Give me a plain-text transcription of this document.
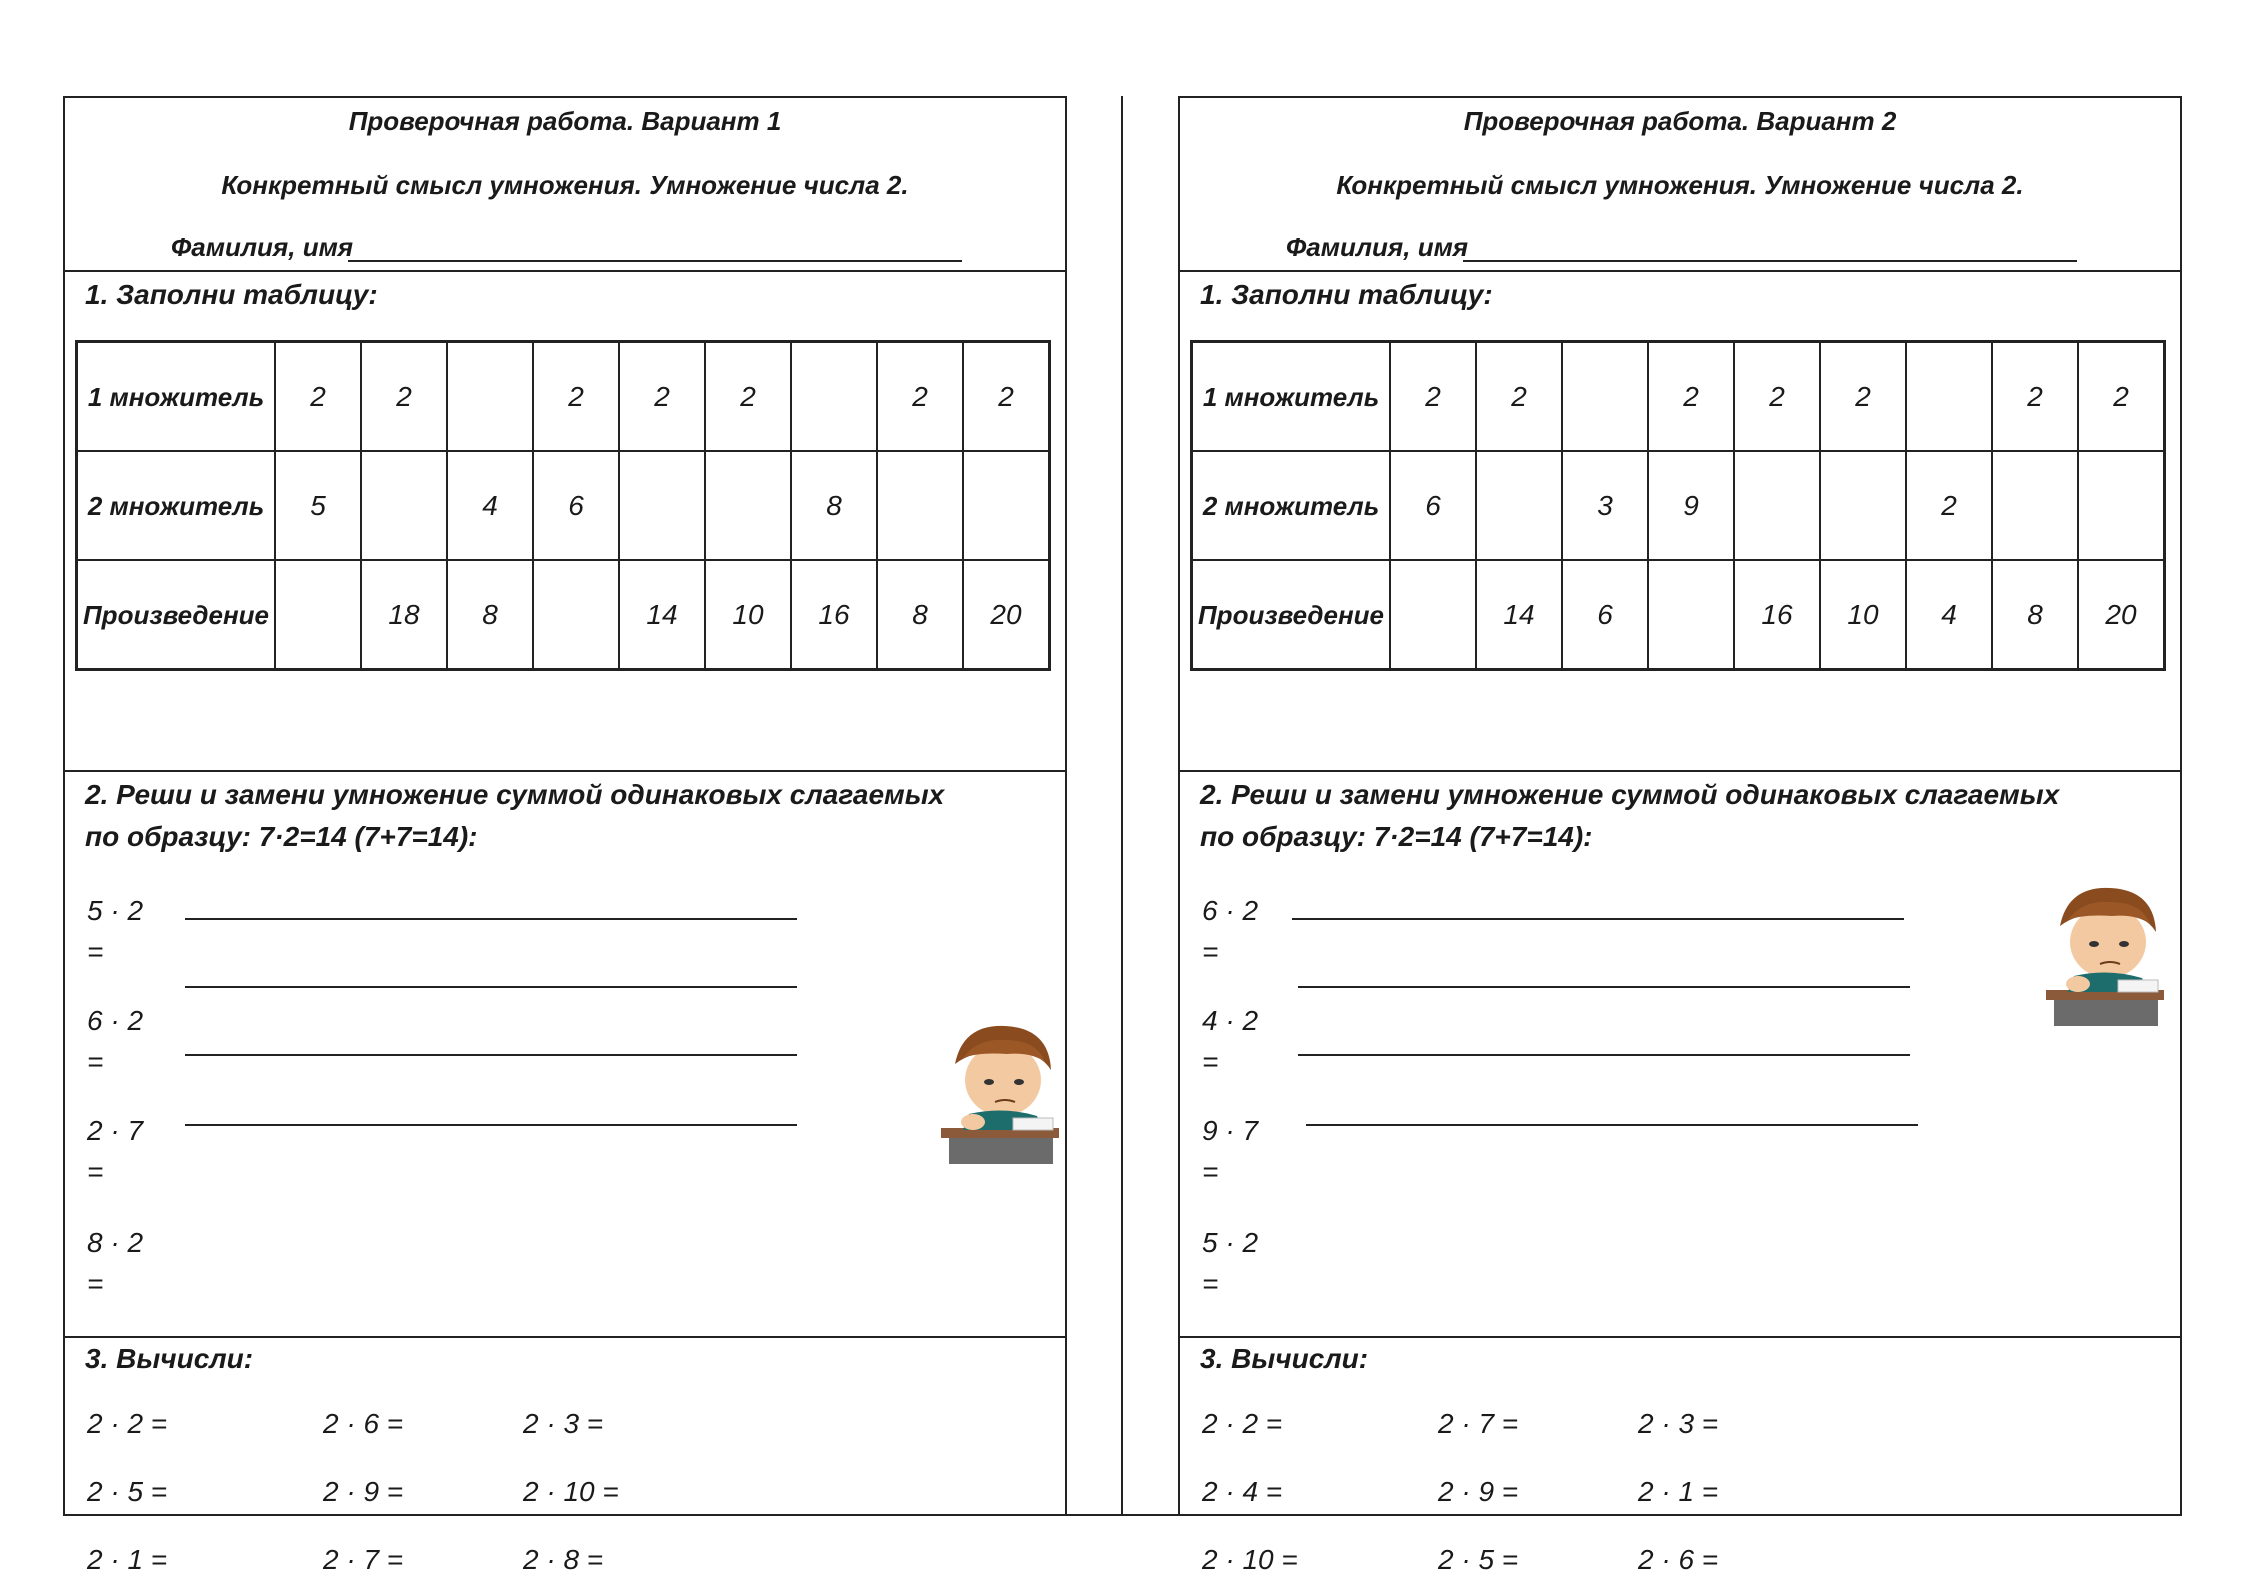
Проверочная работа. Вариант 1
Конкретный смысл умножения. Умножение числа 2.
Фамилия, имя
1. Заполни таблицу:
1 множитель	2	2		2	2	2		2	2
2 множитель	5		4	6			8		
Произведение		18	8		14	10	16	8	20
2. Реши и замени умножение суммой одинаковых слагаемых по образцу: 7·2=14 (7+7=14):
5 · 2 =
6 · 2 =
2 · 7 =
8 · 2 =
3. Вычисли:
2 · 2 =	2 · 6 =	2 · 3 =
2 · 5 =	2 · 9 =	2 · 10 =
2 · 1 =	2 · 7 =	2 · 8 =
Проверочная работа. Вариант 2
Конкретный смысл умножения. Умножение числа 2.
Фамилия, имя
1. Заполни таблицу:
1 множитель	2	2		2	2	2		2	2
2 множитель	6		3	9			2		
Произведение		14	6		16	10	4	8	20
2. Реши и замени умножение суммой одинаковых слагаемых по образцу: 7·2=14 (7+7=14):
6 · 2 =
4 · 2 =
9 · 7 =
5 · 2 =
3. Вычисли:
2 · 2 =	2 · 7 =	2 · 3 =
2 · 4 =	2 · 9 =	2 · 1 =
2 · 10 =	2 · 5 =	2 · 6 =
